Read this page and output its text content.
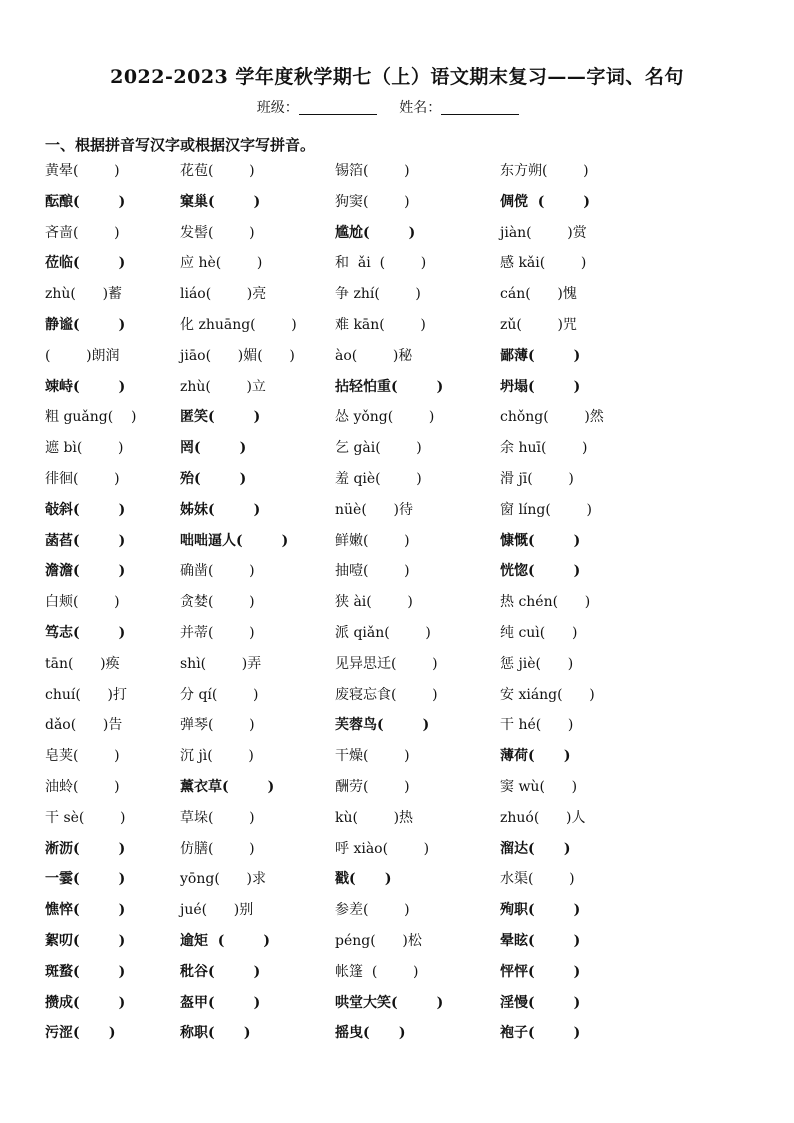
2022-2023 学年度秋学期七（上）语文期末复习——字词、名句
班级：	姓名：
一、根据拼音写汉字或根据汉字写拼音。
黄晕(        )	花苞(        )	锡箔(        )	东方朔(        )
酝酿(        )	窠巢(        )	狗窦(        )	倜傥  (        )
吝啬(        )	发髻(        )	尴尬(        )	jiàn(        )赏
莅临(        )	应 hè(        )	和  ǎi  (        )	感 kǎi(        )
zhù(      )蓄	liáo(        )亮	争 zhí(        )	cán(      )愧
静谧(        )	化 zhuāng(        )	难 kān(        )	zǔ(        )咒
(        )朗润	jiāo(      )媚(      )	ào(        )秘	鄙薄(        )
竦峙(        )	zhù(        )立	拈轻怕重(        )	坍塌(        )
粗 guǎng(    )	匿笑(        )	怂 yǒng(        )	chǒng(        )然
遮 bì(        )	罔(        )	乞 gài(        )	余 huī(        )
徘徊(        )	殆(        )	羞 qiè(        )	滑 jī(        )
敧斜(        )	姊妹(        )	nüè(      )待	窗 líng(        )
菡萏(        )	咄咄逼人(        )	鲜嫩(        )	慷慨(        )
澹澹(        )	确凿(        )	抽噎(        )	恍惚(        )
白颊(        )	贪婪(        )	狭 ài(        )	热 chén(      )
笃志(        )	并蒂(        )	派 qiǎn(        )	纯 cuì(      )
tān(      )痪	shì(        )弄	见异思迁(        )	惩 jiè(      )
chuí(      )打	分 qí(        )	废寝忘食(        )	安 xiáng(      )
dǎo(      )告	弹琴(        )	芙蓉鸟(        )	干 hé(      )
皂荚(        )	沉 jì(        )	干燥(        )	薄荷(      )
油蛉(        )	薰衣草(        )	酬劳(        )	窦 wù(      )
干 sè(        )	草垛(        )	kù(        )热	zhuó(      )人
淅沥(        )	仿膳(        )	呼 xiào(        )	溜达(      )
一霎(        )	yōng(      )求	戳(      )	水渠(        )
憔悴(        )	jué(      )别	参差(        )	殉职(        )
絮叨(        )	逾矩  (        )	péng(      )松	晕眩(        )
斑蝥(        )	秕谷(        )	帐篷  (        )	怦怦(        )
攒成(        )	盔甲(        )	哄堂大笑(        )	淫慢(        )
污涩(      )	称职(      )	摇曳(      )	袍子(        )
